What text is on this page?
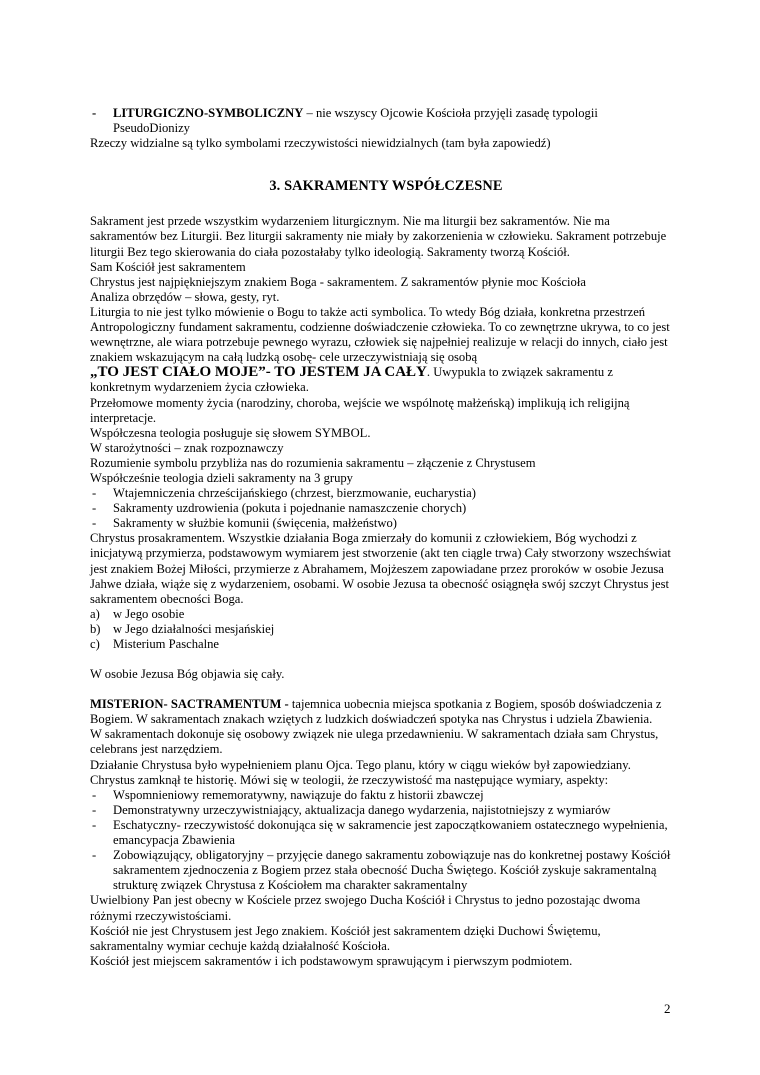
- LITURGICZNO-SYMBOLICZNY – nie wszyscy Ojcowie Kościoła przyjęli zasadę typologii PseudoDionizy

Rzeczy widzialne są tylko symbolami rzeczywistości niewidzialnych (tam była zapowiedź)

3. SAKRAMENTY WSPÓŁCZESNE

Sakrament jest przede wszystkim wydarzeniem liturgicznym. Nie ma liturgii bez sakramentów. Nie ma sakramentów bez Liturgii. Bez liturgii sakramenty nie miały by zakorzenienia w człowieku. Sakrament potrzebuje liturgii Bez tego skierowania do ciała pozostałaby tylko ideologią. Sakramenty tworzą Kościół.

Sam Kościół jest sakramentem

Chrystus jest najpiękniejszym znakiem Boga - sakramentem. Z sakramentów płynie moc Kościoła

Analiza obrzędów – słowa, gesty, ryt.

Liturgia to nie jest tylko mówienie o Bogu to także acti symbolica. To wtedy Bóg działa, konkretna przestrzeń

Antropologiczny fundament sakramentu, codzienne doświadczenie człowieka. To co zewnętrzne ukrywa, to co jest wewnętrzne, ale wiara potrzebuje pewnego wyrazu, człowiek się najpełniej realizuje w relacji do innych, ciało jest znakiem wskazującym na całą ludzką osobę- cele urzeczywistniają się osobą

„TO JEST CIAŁO MOJE”- TO JESTEM JA CAŁY. Uwypukla to związek sakramentu z konkretnym wydarzeniem życia człowieka.

Przełomowe momenty życia (narodziny, choroba, wejście we wspólnotę małżeńską) implikują ich religijną interpretacje.

Współczesna teologia posługuje się słowem SYMBOL.

W starożytności – znak rozpoznawczy

Rozumienie symbolu przybliża nas do rozumienia sakramentu – złączenie z Chrystusem

Współcześnie teologia dzieli sakramenty na 3 grupy

- Wtajemniczenia chrześcijańskiego (chrzest, bierzmowanie, eucharystia)

- Sakramenty uzdrowienia (pokuta i pojednanie namaszczenie chorych)

- Sakramenty w służbie komunii (święcenia, małżeństwo)

Chrystus prosakramentem. Wszystkie działania Boga zmierzały do komunii z człowiekiem, Bóg wychodzi z inicjatywą przymierza, podstawowym wymiarem jest stworzenie (akt ten ciągle trwa) Cały stworzony wszechświat jest znakiem Bożej Miłości, przymierze z Abrahamem, Mojżeszem zapowiadane przez proroków w osobie Jezusa Jahwe działa, wiąże się z wydarzeniem, osobami. W osobie Jezusa ta obecność osiągnęła swój szczyt Chrystus jest sakramentem obecności Boga.

a) w Jego osobie

b) w Jego działalności mesjańskiej

c) Misterium Paschalne

W osobie Jezusa Bóg objawia się cały.

MISTERION- SACTRAMENTUM - tajemnica uobecnia miejsca spotkania z Bogiem, sposób doświadczenia z Bogiem. W sakramentach znakach wziętych z ludzkich doświadczeń spotyka nas Chrystus i udziela Zbawienia.

W sakramentach dokonuje się osobowy związek nie ulega przedawnieniu. W sakramentach działa sam Chrystus, celebrans jest narzędziem.

Działanie Chrystusa było wypełnieniem planu Ojca. Tego planu, który w ciągu wieków był zapowiedziany. Chrystus zamknął te historię. Mówi się w teologii, że rzeczywistość ma następujące wymiary, aspekty:

- Wspomnieniowy rememoratywny, nawiązuje do faktu z historii zbawczej

- Demonstratywny urzeczywistniający, aktualizacja danego wydarzenia, najistotniejszy z wymiarów

- Eschatyczny- rzeczywistość dokonująca się w sakramencie jest zapoczątkowaniem ostatecznego wypełnienia, emancypacja Zbawienia

- Zobowiązujący, obligatoryjny – przyjęcie danego sakramentu zobowiązuje nas do konkretnej postawy Kościół sakramentem zjednoczenia z Bogiem przez stała obecność Ducha Świętego. Kościół zyskuje sakramentalną strukturę związek Chrystusa z Kościołem ma charakter sakramentalny

Uwielbiony Pan jest obecny w Kościele przez swojego Ducha Kościół i Chrystus to jedno pozostając dwoma różnymi rzeczywistościami.

Kościół nie jest Chrystusem jest Jego znakiem. Kościół jest sakramentem dzięki Duchowi Świętemu, sakramentalny wymiar cechuje każdą działalność Kościoła.

Kościół jest miejscem sakramentów i ich podstawowym sprawującym i pierwszym podmiotem.

2
